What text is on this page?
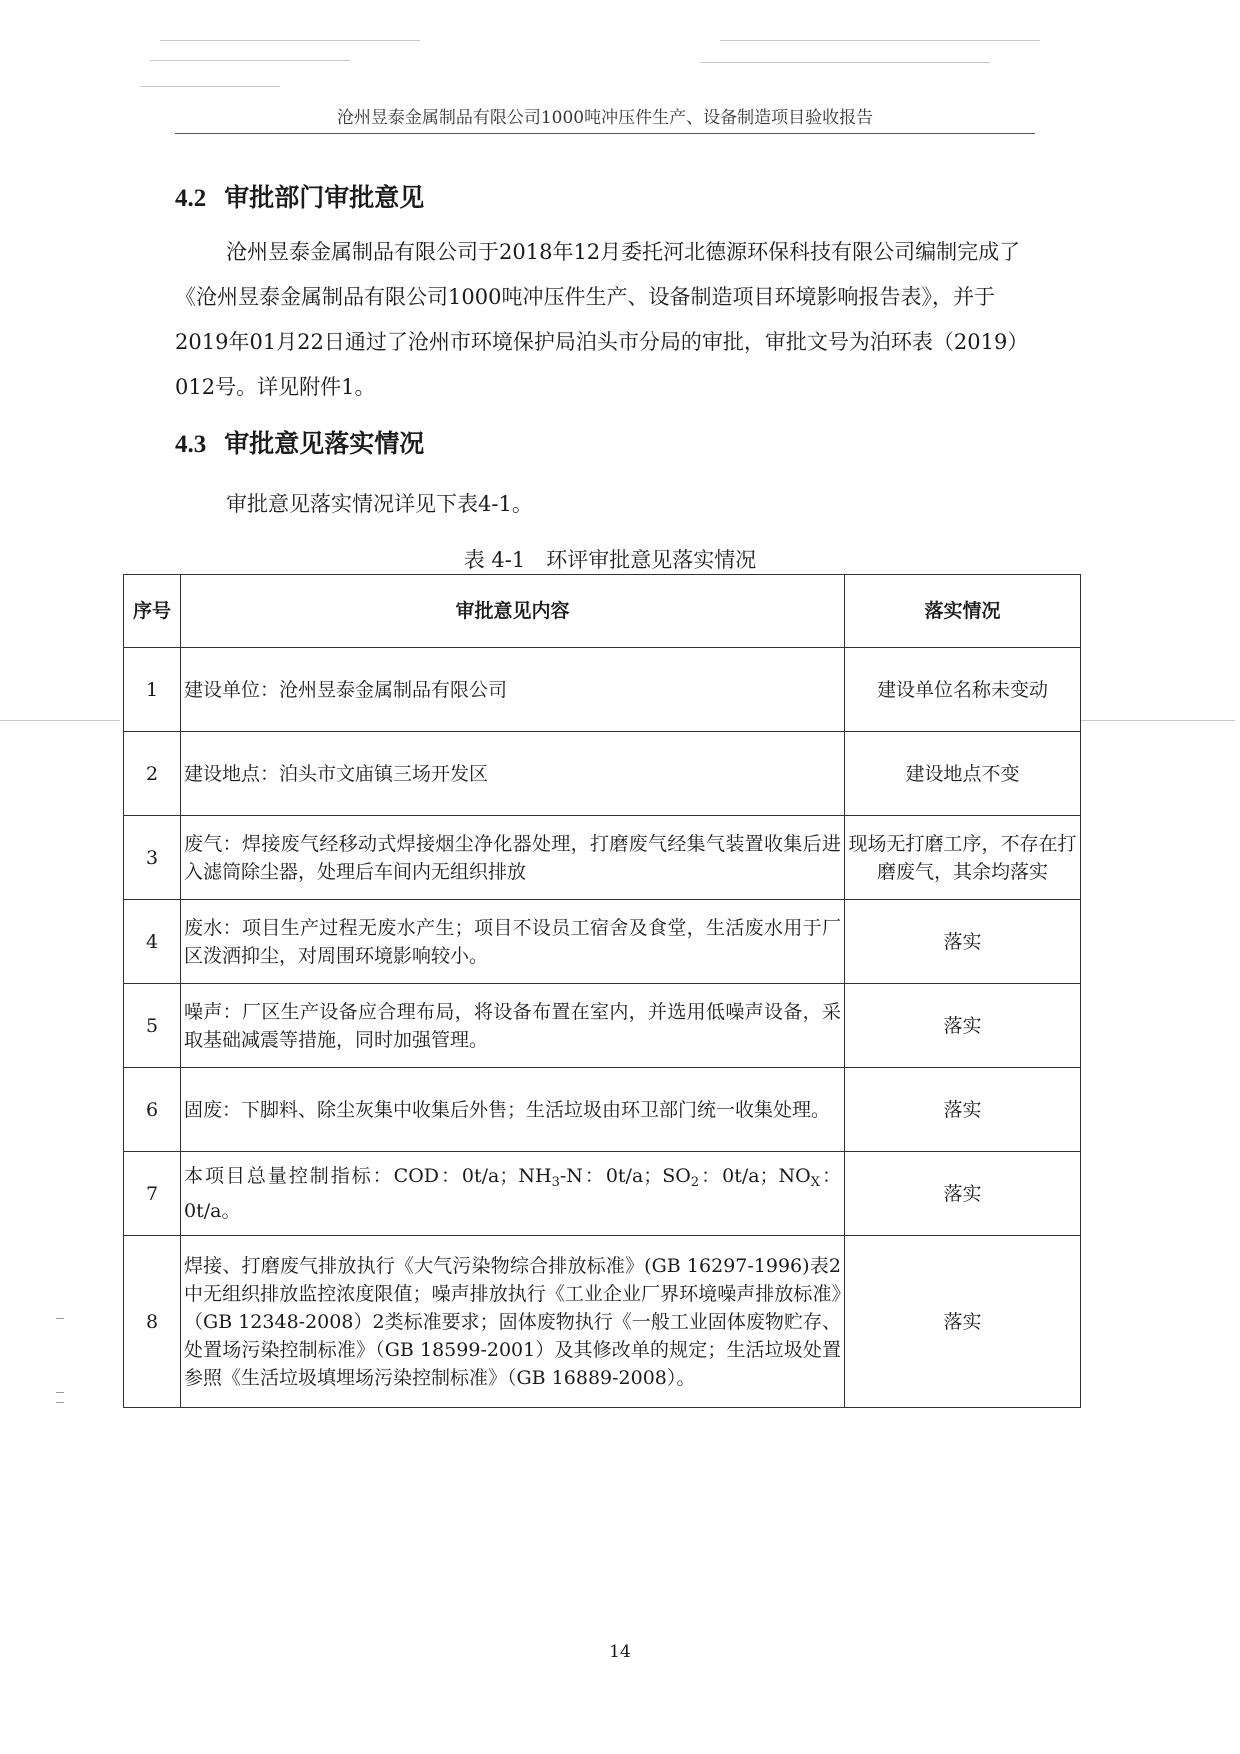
沧州昱泰金属制品有限公司1000吨冲压件生产、设备制造项目验收报告
4.2 审批部门审批意见

沧州昱泰金属制品有限公司于2018年12月委托河北德源环保科技有限公司编制完成了《沧州昱泰金属制品有限公司1000吨冲压件生产、设备制造项目环境影响报告表》，并于2019年01月22日通过了沧州市环境保护局泊头市分局的审批，审批文号为泊环表（2019）012号。详见附件1。

4.3 审批意见落实情况

审批意见落实情况详见下表4-1。

表 4-1　环评审批意见落实情况
序号	审批意见内容	落实情况
1	建设单位：沧州昱泰金属制品有限公司	建设单位名称未变动
2	建设地点：泊头市文庙镇三场开发区	建设地点不变
3	废气：焊接废气经移动式焊接烟尘净化器处理，打磨废气经集气装置收集后进入滤筒除尘器，处理后车间内无组织排放	现场无打磨工序，不存在打磨废气，其余均落实
4	废水：项目生产过程无废水产生；项目不设员工宿舍及食堂，生活废水用于厂区泼洒抑尘，对周围环境影响较小。	落实
5	噪声：厂区生产设备应合理布局，将设备布置在室内，并选用低噪声设备，采取基础减震等措施，同时加强管理。	落实
6	固废：下脚料、除尘灰集中收集后外售；生活垃圾由环卫部门统一收集处理。	落实
7	本项目总量控制指标：COD：0t/a；$NH_3-N$：0t/a；$SO_2$：0t/a；$NO_X$：0t/a。	落实
8	焊接、打磨废气排放执行《大气污染物综合排放标准》(GB 16297-1996)表2中无组织排放监控浓度限值；噪声排放执行《工业企业厂界环境噪声排放标准》（GB 12348-2008）2类标准要求；固体废物执行《一般工业固体废物贮存、处置场污染控制标准》（GB 18599-2001）及其修改单的规定；生活垃圾处置参照《生活垃圾填埋场污染控制标准》（GB 16889-2008）。	落实
14
